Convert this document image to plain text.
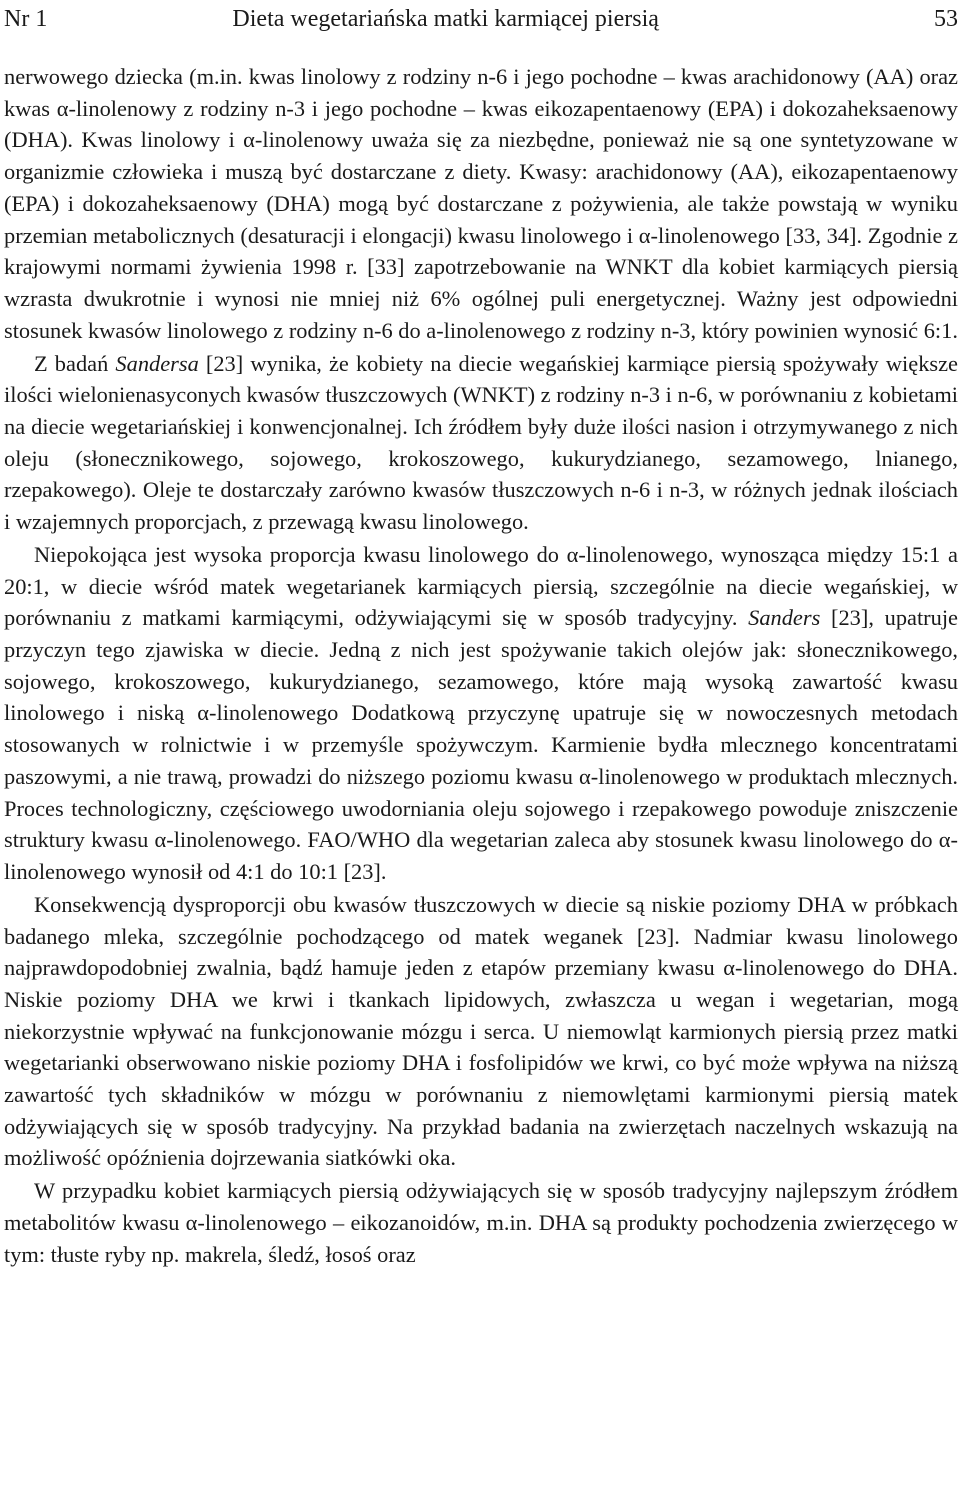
Nr 1	Dieta wegetariańska matki karmiącej piersią	53

nerwowego dziecka (m.in. kwas linolowy z rodziny n-6 i jego pochodne – kwas arachidonowy (AA) oraz kwas α-linolenowy z rodziny n-3 i jego pochodne – kwas eikozapentaenowy (EPA) i dokozaheksaenowy (DHA). Kwas linolowy i α-linolenowy uważa się za niezbędne, ponieważ nie są one syntetyzowane w organizmie człowieka i muszą być dostarczane z diety. Kwasy: arachidonowy (AA), eikozapentaenowy (EPA) i dokozaheksaenowy (DHA) mogą być dostarczane z pożywienia, ale także powstają w wyniku przemian metabolicznych (desaturacji i elongacji) kwasu linolowego i α-linolenowego [33, 34]. Zgodnie z krajowymi normami żywienia 1998 r. [33] zapotrzebowanie na WNKT dla kobiet karmiących piersią wzrasta dwukrotnie i wynosi nie mniej niż 6% ogólnej puli energetycznej. Ważny jest odpowiedni stosunek kwasów linolowego z rodziny n-6 do a-linolenowego z rodziny n-3, który powinien wynosić 6:1.

Z badań Sandersa [23] wynika, że kobiety na diecie wegańskiej karmiące piersią spożywały większe ilości wielonienasyconych kwasów tłuszczowych (WNKT) z rodziny n-3 i n-6, w porównaniu z kobietami na diecie wegetariańskiej i konwencjonalnej. Ich źródłem były duże ilości nasion i otrzymywanego z nich oleju (słonecznikowego, sojowego, krokoszowego, kukurydzianego, sezamowego, lnianego, rzepakowego). Oleje te dostarczały zarówno kwasów tłuszczowych n-6 i n-3, w różnych jednak ilościach i wzajemnych proporcjach, z przewagą kwasu linolowego.

Niepokojąca jest wysoka proporcja kwasu linolowego do α-linolenowego, wynosząca między 15:1 a 20:1, w diecie wśród matek wegetarianek karmiących piersią, szczególnie na diecie wegańskiej, w porównaniu z matkami karmiącymi, odżywiającymi się w sposób tradycyjny. Sanders [23], upatruje przyczyn tego zjawiska w diecie. Jedną z nich jest spożywanie takich olejów jak: słonecznikowego, sojowego, krokoszowego, kukurydzianego, sezamowego, które mają wysoką zawartość kwasu linolowego i niską α-linolenowego Dodatkową przyczynę upatruje się w nowoczesnych metodach stosowanych w rolnictwie i w przemyśle spożywczym. Karmienie bydła mlecznego koncentratami paszowymi, a nie trawą, prowadzi do niższego poziomu kwasu α-linolenowego w produktach mlecznych. Proces technologiczny, częściowego uwodorniania oleju sojowego i rzepakowego powoduje zniszczenie struktury kwasu α-linolenowego. FAO/WHO dla wegetarian zaleca aby stosunek kwasu linolowego do α-linolenowego wynosił od 4:1 do 10:1 [23].

Konsekwencją dysproporcji obu kwasów tłuszczowych w diecie są niskie poziomy DHA w próbkach badanego mleka, szczególnie pochodzącego od matek weganek [23]. Nadmiar kwasu linolowego najprawdopodobniej zwalnia, bądź hamuje jeden z etapów przemiany kwasu α-linolenowego do DHA. Niskie poziomy DHA we krwi i tkankach lipidowych, zwłaszcza u wegan i wegetarian, mogą niekorzystnie wpływać na funkcjonowanie mózgu i serca. U niemowląt karmionych piersią przez matki wegetarianki obserwowano niskie poziomy DHA i fosfolipidów we krwi, co być może wpływa na niższą zawartość tych składników w mózgu w porównaniu z niemowlętami karmionymi piersią matek odżywiających się w sposób tradycyjny. Na przykład badania na zwierzętach naczelnych wskazują na możliwość opóźnienia dojrzewania siatkówki oka.

W przypadku kobiet karmiących piersią odżywiających się w sposób tradycyjny najlepszym źródłem metabolitów kwasu α-linolenowego – eikozanoidów, m.in. DHA są produkty pochodzenia zwierzęcego w tym: tłuste ryby np. makrela, śledź, łosoś oraz
